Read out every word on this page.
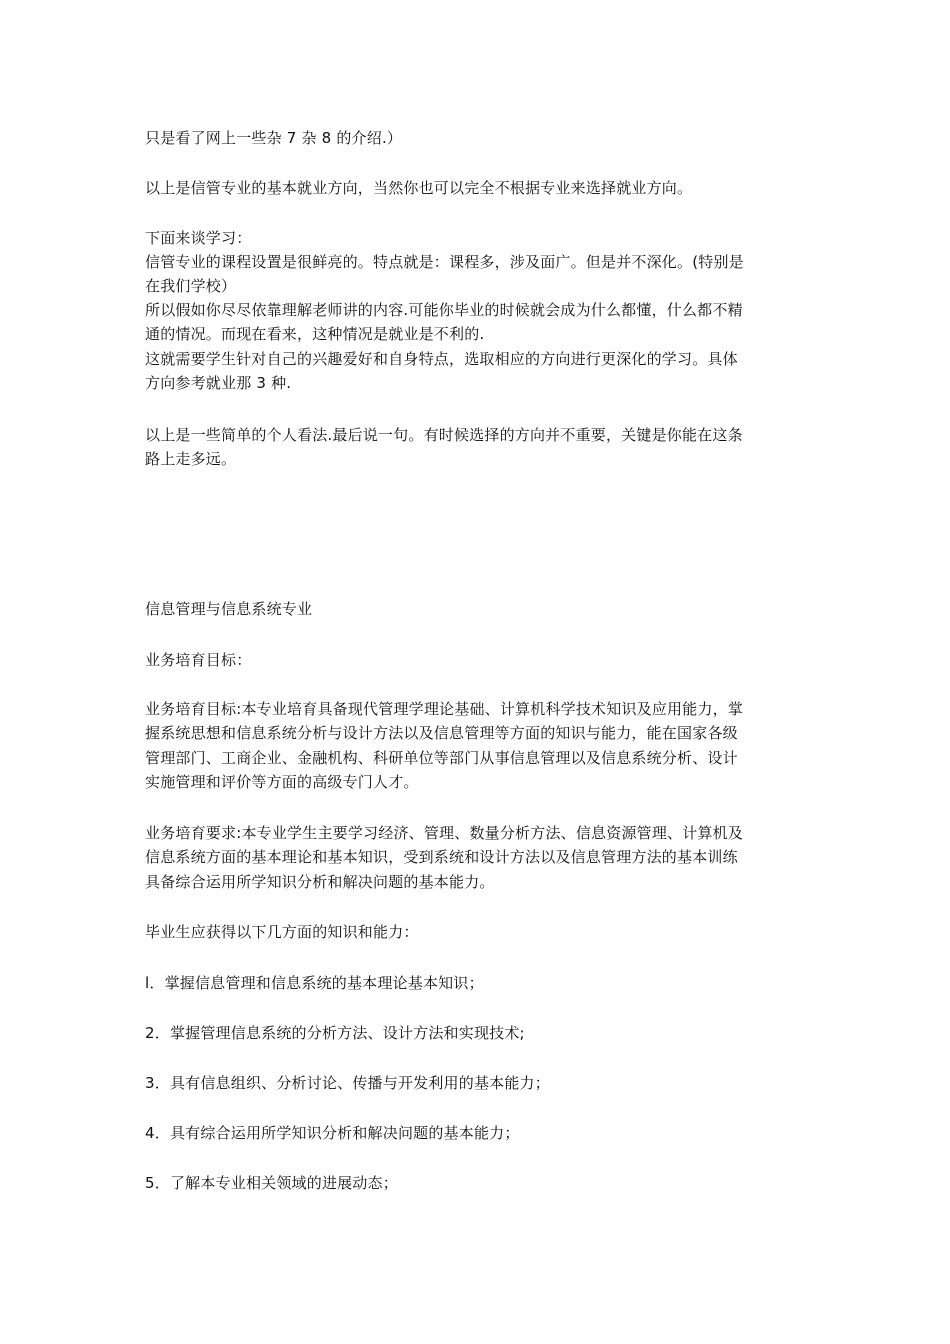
只是看了网上一些杂 7 杂 8 的介绍.）
以上是信管专业的基本就业方向，当然你也可以完全不根据专业来选择就业方向。
下面来谈学习：
信管专业的课程设置是很鲜亮的。特点就是：课程多，涉及面广。但是并不深化。(特别是
在我们学校）
所以假如你尽尽依靠理解老师讲的内容.可能你毕业的时候就会成为什么都懂，什么都不精
通的情况。而现在看来，这种情况是就业是不利的.
这就需要学生针对自己的兴趣爱好和自身特点，选取相应的方向进行更深化的学习。具体
方向参考就业那 3 种.
以上是一些简单的个人看法.最后说一句。有时候选择的方向并不重要，关键是你能在这条
路上走多远。
信息管理与信息系统专业
业务培育目标：
业务培育目标:本专业培育具备现代管理学理论基础、计算机科学技术知识及应用能力，掌
握系统思想和信息系统分析与设计方法以及信息管理等方面的知识与能力，能在国家各级
管理部门、工商企业、金融机构、科研单位等部门从事信息管理以及信息系统分析、设计
实施管理和评价等方面的高级专门人才。
业务培育要求:本专业学生主要学习经济、管理、数量分析方法、信息资源管理、计算机及
信息系统方面的基本理论和基本知识，受到系统和设计方法以及信息管理方法的基本训练
具备综合运用所学知识分析和解决问题的基本能力。
毕业生应获得以下几方面的知识和能力：
l．掌握信息管理和信息系统的基本理论基本知识；
2．掌握管理信息系统的分析方法、设计方法和实现技术;
3．具有信息组织、分析讨论、传播与开发利用的基本能力；
4．具有综合运用所学知识分析和解决问题的基本能力；
5．了解本专业相关领域的进展动态；
